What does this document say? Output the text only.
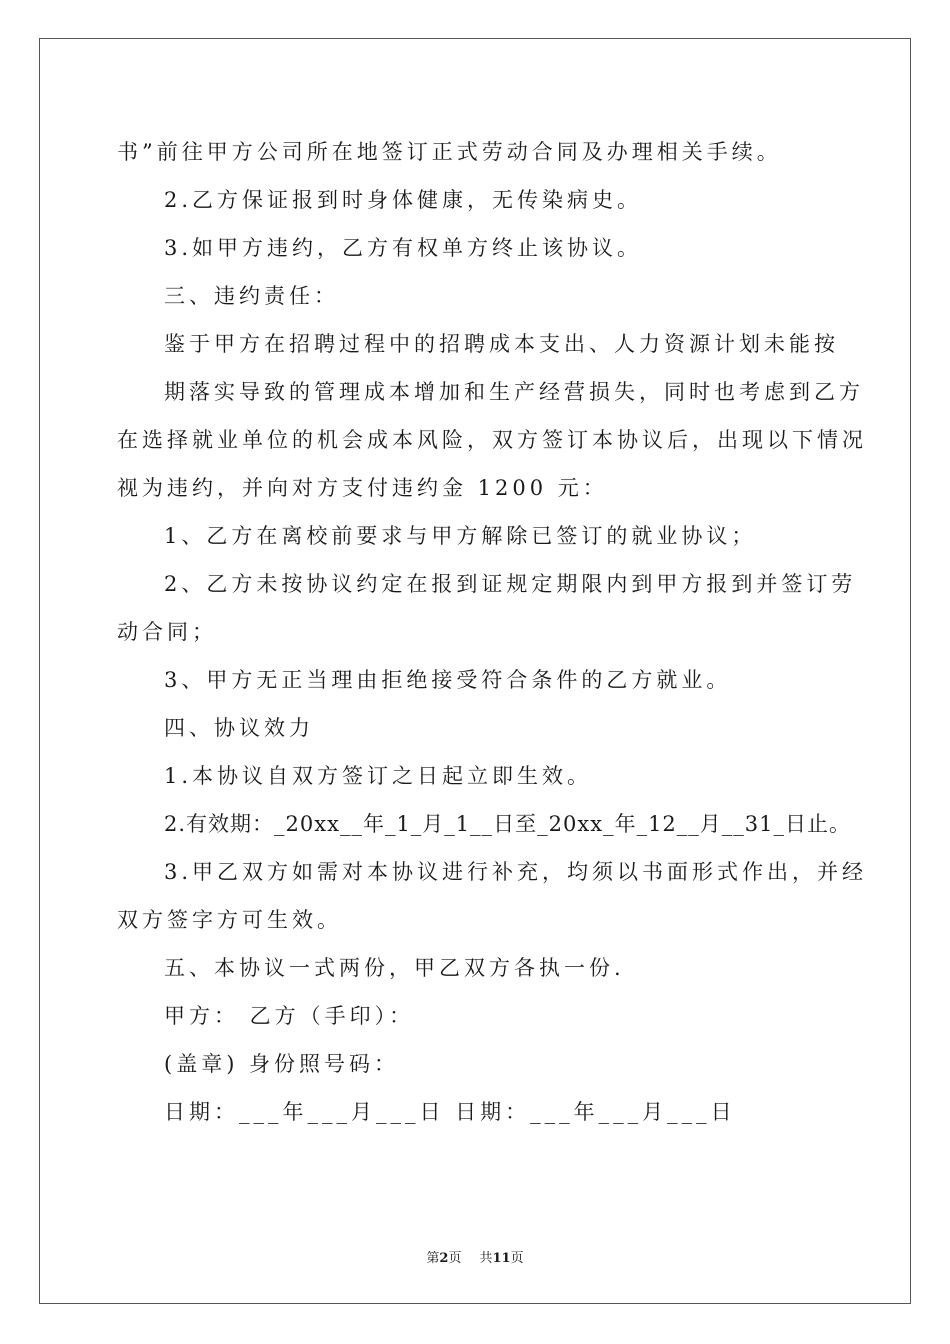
书”前往甲方公司所在地签订正式劳动合同及办理相关手续。
2.乙方保证报到时身体健康，无传染病史。
3.如甲方违约，乙方有权单方终止该协议。
三、违约责任：
鉴于甲方在招聘过程中的招聘成本支出、人力资源计划未能按
期落实导致的管理成本增加和生产经营损失，同时也考虑到乙方
在选择就业单位的机会成本风险，双方签订本协议后，出现以下情况
视为违约，并向对方支付违约金 1200 元：
1、乙方在离校前要求与甲方解除已签订的就业协议；
2、乙方未按协议约定在报到证规定期限内到甲方报到并签订劳
动合同；
3、甲方无正当理由拒绝接受符合条件的乙方就业。
四、协议效力
1.本协议自双方签订之日起立即生效。
2.有效期：_20xx__年_1_月_1__日至_20xx_年_12__月__31_日止。
3.甲乙双方如需对本协议进行补充，均须以书面形式作出，并经
双方签字方可生效。
五、本协议一式两份，甲乙双方各执一份.
甲方： 乙方（手印）：
(盖章) 身份照号码：
日期：___年___月___日 日期：___年___月___日
第2页 共11页
